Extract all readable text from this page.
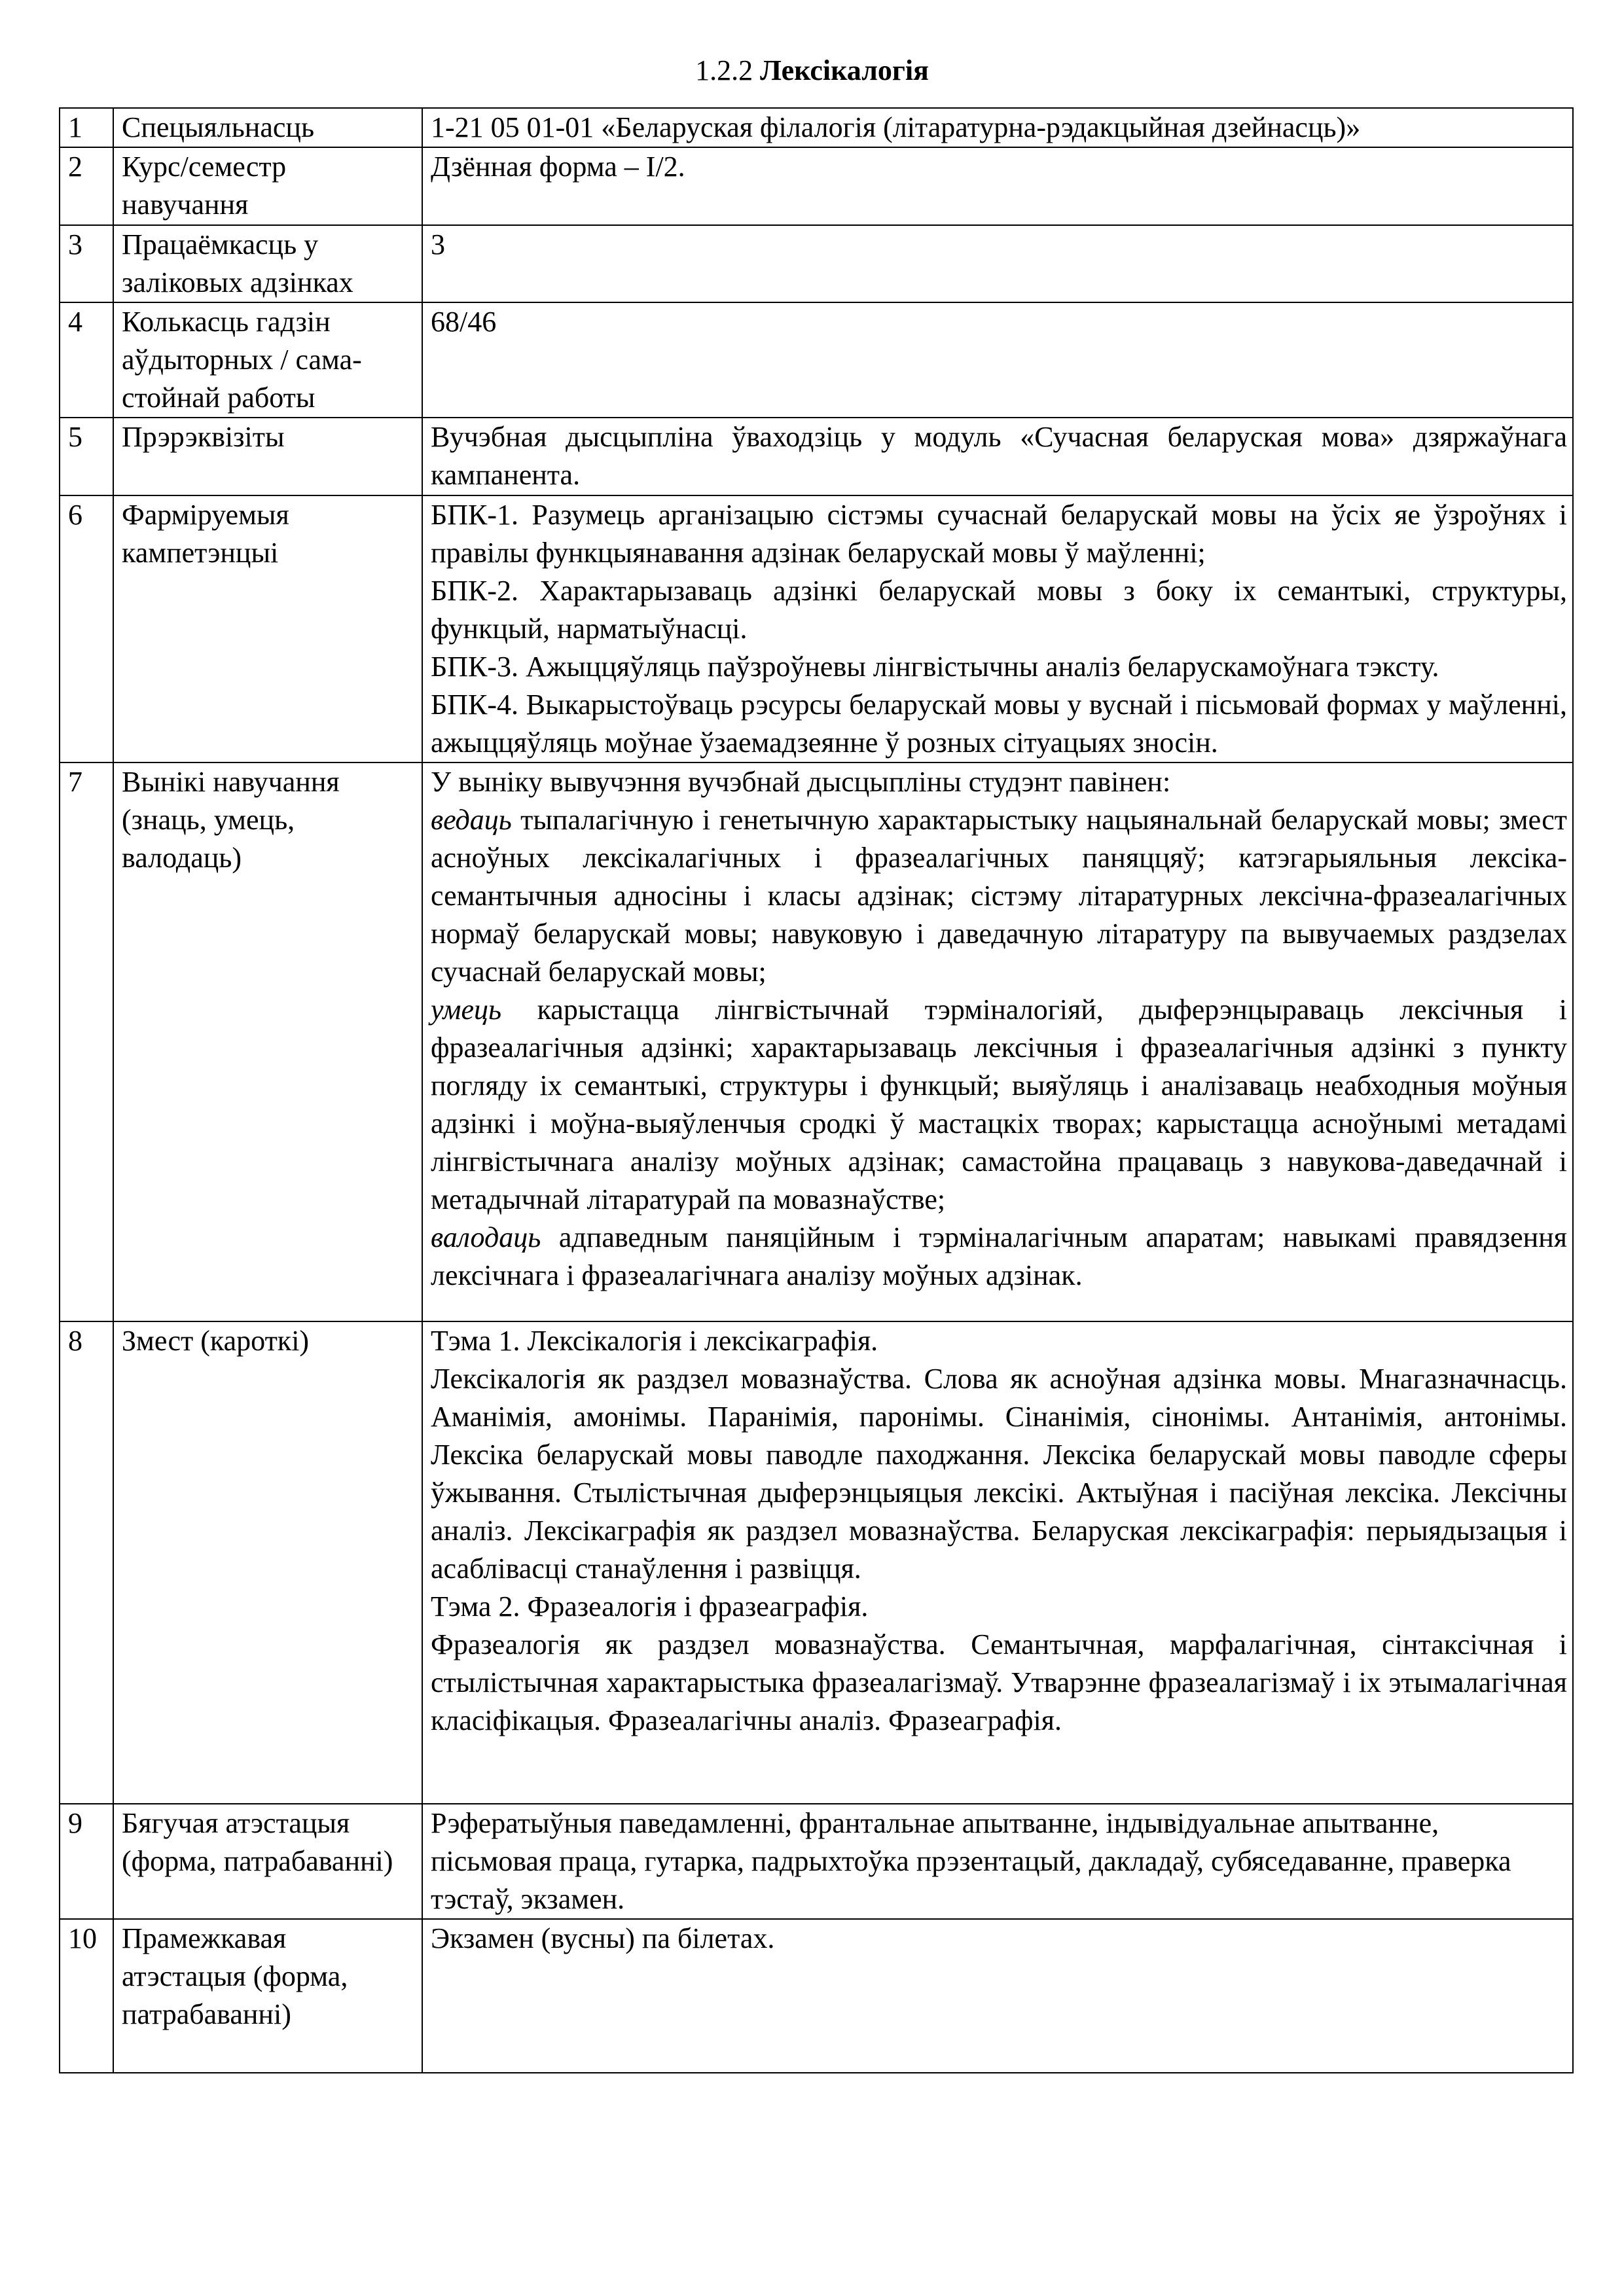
1.2.2 Лексікалогія
1	Спецыяльнасць	1-21 05 01-01 «Беларуская філалогія (літаратурна-рэдакцыйная дзейнасць)»

2	Курс/семестр навучання	Дзённая форма – I/2.

3	Працаёмкасць у заліковых адзінках	3

4	Колькасць гадзін аўдыторных / сама-стойнай работы	68/46

5	Прэрэквізіты	Вучэбная дысцыпліна ўваходзіць у модуль «Сучасная беларуская мова» дзяржаўнага кампанента.

6	Фарміруемыя кампетэнцыі	БПК-1. Разумець арганізацыю сістэмы сучаснай беларускай мовы на ўсіх яе ўзроўнях і правілы функцыянавання адзінак беларускай мовы ў маўленні;
БПК-2. Характарызаваць адзінкі беларускай мовы з боку іх семантыкі, структуры, функцый, нарматыўнасці.
БПК-3. Ажыццяўляць паўзроўневы лінгвістычны аналіз беларускамоўнага тэксту.
БПК-4. Выкарыстоўваць рэсурсы беларускай мовы у вуснай і пісьмовай формах у маўленні, ажыццяўляць моўнае ўзаемадзеянне ў розных сітуацыях зносін.

7	Вынікі навучання (знаць, умець, валодаць)	У выніку вывучэння вучэбнай дысцыпліны студэнт павінен:
ведаць тыпалагічную і генетычную характарыстыку нацыянальнай беларускай мовы; змест асноўных лексікалагічных і фразеалагічных паняццяў; катэгарыяльныя лексіка-семантычныя адносіны і класы адзінак; сістэму літаратурных лексічна-фразеалагічных нормаў беларускай мовы; навуковую і даведачную літаратуру па вывучаемых раздзелах сучаснай беларускай мовы;
умець карыстацца лінгвістычнай тэрміналогіяй, дыферэнцыраваць лексічныя і фразеалагічныя адзінкі; характарызаваць лексічныя і фразеалагічныя адзінкі з пункту погляду іх семантыкі, структуры і функцый; выяўляць і аналізаваць неабходныя моўныя адзінкі і моўна-выяўленчыя сродкі ў мастацкіх творах; карыстацца асноўнымі метадамі лінгвістычнага аналізу моўных адзінак; самастойна працаваць з навукова-даведачнай і метадычнай літаратурай па мовазнаўстве;
валодаць адпаведным паняційным і тэрміналагічным апаратам; навыкамі правядзення лексічнага і фразеалагічнага аналізу моўных адзінак.

8	Змест (кароткі)	Тэма 1. Лексікалогія і лексікаграфія.
Лексікалогія як раздзел мовазнаўства. Слова як асноўная адзінка мовы. Мнагазначнасць. Аманімія, амонімы. Паранімія, паронімы. Сінанімія, сінонімы. Антанімія, антонімы. Лексіка беларускай мовы паводле паходжання. Лексіка беларускай мовы паводле сферы ўжывання. Стылістычная дыферэнцыяцыя лексікі. Актыўная і пасіўная лексіка. Лексічны аналіз. Лексікаграфія як раздзел мовазнаўства. Беларуская лексікаграфія: перыядызацыя і асаблівасці станаўлення і развіцця.
Тэма 2. Фразеалогія і фразеаграфія.
Фразеалогія як раздзел мовазнаўства. Семантычная, марфалагічная, сінтаксічная і стылістычная характарыстыка фразеалагізмаў. Утварэнне фразеалагізмаў і іх этымалагічная класіфікацыя. Фразеалагічны аналіз. Фразеаграфія.

9	Бягучая атэстацыя (форма, патрабаванні)	Рэфератыўныя паведамленні, франтальнае апытванне, індывідуальнае апытванне, пісьмовая праца, гутарка, падрыхтоўка прэзентацый, дакладаў, субяседаванне, праверка тэстаў, экзамен.

10	Прамежкавая атэстацыя (форма, патрабаванні)	Экзамен (вусны) па білетах.
